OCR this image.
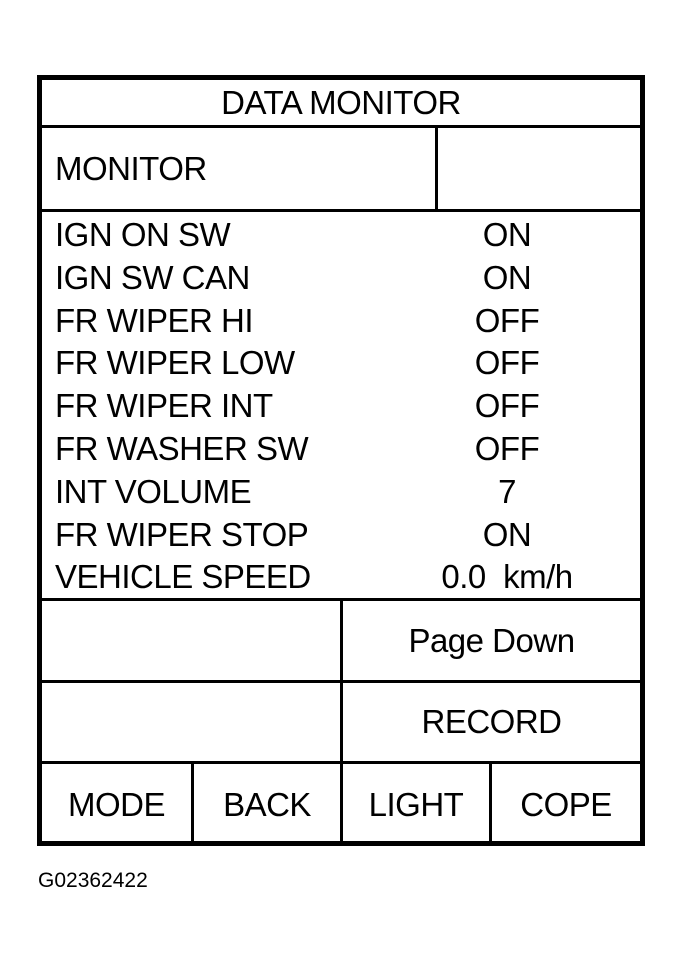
DATA MONITOR
MONITOR
IGN ON SW	ON
IGN SW CAN	ON
FR WIPER HI	OFF
FR WIPER LOW	OFF
FR WIPER INT	OFF
FR WASHER SW	OFF
INT VOLUME	7
FR WIPER STOP	ON
VEHICLE SPEED	0.0  km/h
Page Down
RECORD
MODE	BACK	LIGHT	COPE
G02362422
